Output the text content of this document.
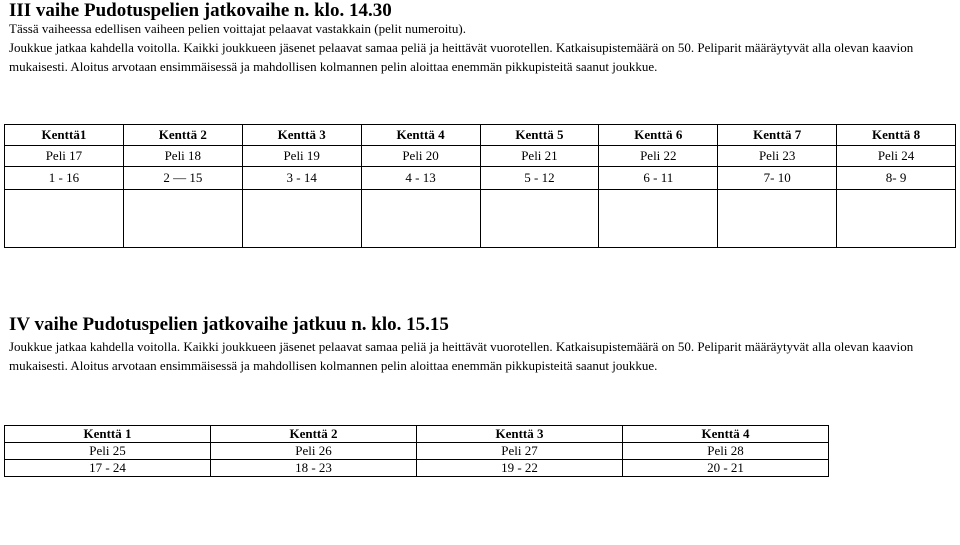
III vaihe Pudotuspelien jatkovaihe n. klo. 14.30

Tässä vaiheessa edellisen vaiheen pelien voittajat pelaavat vastakkain (pelit numeroitu).

Joukkue jatkaa kahdella voitolla. Kaikki joukkueen jäsenet pelaavat samaa peliä ja heittävät vuorotellen. Katkaisupistemäärä on 50. Peliparit määräytyvät alla olevan kaavion mukaisesti. Aloitus arvotaan ensimmäisessä ja mahdollisen kolmannen pelin aloittaa enemmän pikkupisteitä saanut joukkue.

Kenttä1	Kenttä 2	Kenttä 3	Kenttä 4	Kenttä 5	Kenttä 6	Kenttä 7	Kenttä 8
Peli 17	Peli 18	Peli 19	Peli 20	Peli 21	Peli 22	Peli 23	Peli 24
1 - 16	2 — 15	3 - 14	4 - 13	5 - 12	6 - 11	7- 10	8- 9

IV vaihe Pudotuspelien jatkovaihe jatkuu n. klo. 15.15

Joukkue jatkaa kahdella voitolla. Kaikki joukkueen jäsenet pelaavat samaa peliä ja heittävät vuorotellen. Katkaisupistemäärä on 50. Peliparit määräytyvät alla olevan kaavion mukaisesti. Aloitus arvotaan ensimmäisessä ja mahdollisen kolmannen pelin aloittaa enemmän pikkupisteitä saanut joukkue.

Kenttä 1	Kenttä 2	Kenttä 3	Kenttä 4
Peli 25	Peli 26	Peli 27	Peli 28
17 - 24	18 - 23	19 - 22	20 - 21
